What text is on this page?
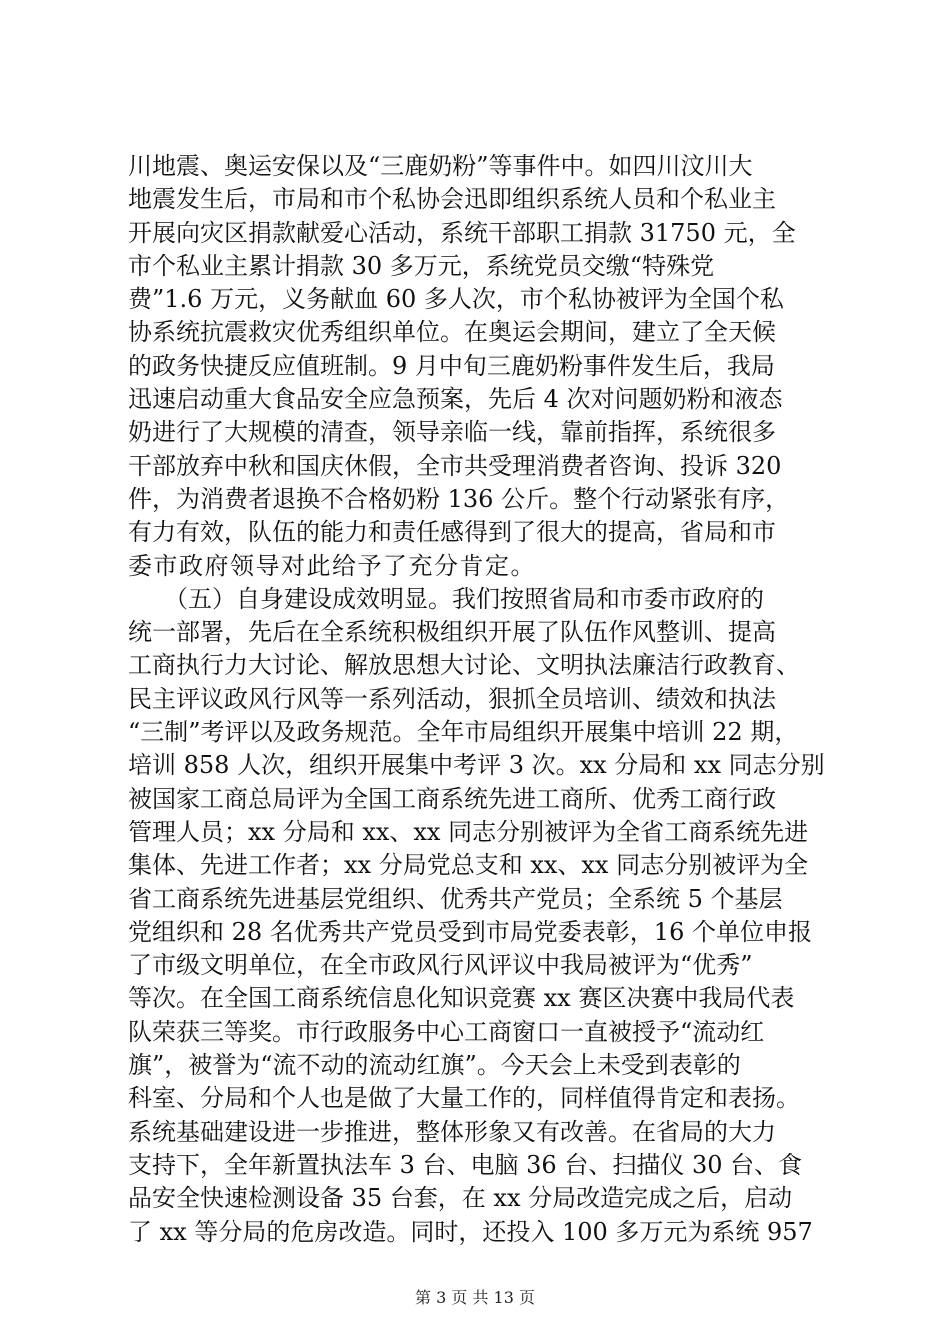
川地震、奥运安保以及“三鹿奶粉”等事件中。如四川汶川大
地震发生后，市局和市个私协会迅即组织系统人员和个私业主
开展向灾区捐款献爱心活动，系统干部职工捐款 31750 元，全
市个私业主累计捐款 30 多万元，系统党员交缴“特殊党
费”1.6 万元，义务献血 60 多人次，市个私协被评为全国个私
协系统抗震救灾优秀组织单位。在奥运会期间，建立了全天候
的政务快捷反应值班制。9 月中旬三鹿奶粉事件发生后，我局
迅速启动重大食品安全应急预案，先后 4 次对问题奶粉和液态
奶进行了大规模的清查，领导亲临一线，靠前指挥，系统很多
干部放弃中秋和国庆休假，全市共受理消费者咨询、投诉 320
件，为消费者退换不合格奶粉 136 公斤。整个行动紧张有序，
有力有效，队伍的能力和责任感得到了很大的提高，省局和市
委市政府领导对此给予了充分肯定。
　　（五）自身建设成效明显。我们按照省局和市委市政府的
统一部署，先后在全系统积极组织开展了队伍作风整训、提高
工商执行力大讨论、解放思想大讨论、文明执法廉洁行政教育、
民主评议政风行风等一系列活动，狠抓全员培训、绩效和执法
“三制”考评以及政务规范。全年市局组织开展集中培训 22 期，
培训 858 人次，组织开展集中考评 3 次。xx 分局和 xx 同志分别
被国家工商总局评为全国工商系统先进工商所、优秀工商行政
管理人员；xx 分局和 xx、xx 同志分别被评为全省工商系统先进
集体、先进工作者；xx 分局党总支和 xx、xx 同志分别被评为全
省工商系统先进基层党组织、优秀共产党员；全系统 5 个基层
党组织和 28 名优秀共产党员受到市局党委表彰，16 个单位申报
了市级文明单位，在全市政风行风评议中我局被评为“优秀”
等次。在全国工商系统信息化知识竞赛 xx 赛区决赛中我局代表
队荣获三等奖。市行政服务中心工商窗口一直被授予“流动红
旗”，被誉为“流不动的流动红旗”。今天会上未受到表彰的
科室、分局和个人也是做了大量工作的，同样值得肯定和表扬。
系统基础建设进一步推进，整体形象又有改善。在省局的大力
支持下，全年新置执法车 3 台、电脑 36 台、扫描仪 30 台、食
品安全快速检测设备 35 台套，在 xx 分局改造完成之后，启动
了 xx 等分局的危房改造。同时，还投入 100 多万元为系统 957
第 3 页 共 13 页
